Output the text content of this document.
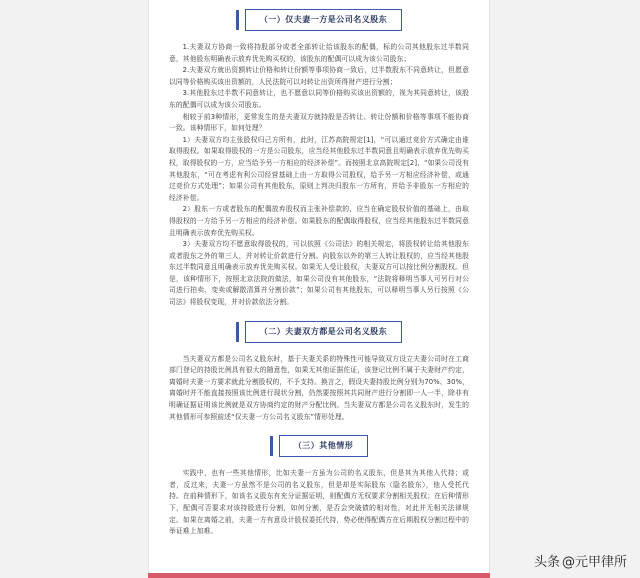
（一）仅夫妻一方是公司名义股东

1.夫妻双方协商一致将持股部分或者全部转让给该股东的配偶，标的公司其他股东过半数同意，其他股东明确表示放弃优先购买权的，该股东的配偶可以成为该公司股东；

2.夫妻双方就出资额转让价格和转让份额等事项协商一致后，过半数股东不同意转让，但愿意以同等价格购买该出资额的，人民法院可以对转让出资所得财产进行分割；

3.其他股东过半数不同意转让，也不愿意以同等价格购买该出资额的，视为其同意转让，该股东的配偶可以成为该公司股东。

相较于前3种情形，更常发生的是夫妻双方就持股是否转让、转让份额和价格等事项不能协商一致。该种情形下，如何处理？

1）夫妻双方均主张股权归己方所有，此时，江苏高院规定[1]，“可以通过竞价方式确定由谁取得股权。如果取得股权的一方是公司股东，应当经其他股东过半数同意且明确表示放弃优先购买权，取得股权的一方，应当给予另一方相应的经济补偿”。而按照北京高院规定[2]，“如果公司没有其他股东，“可在考虑有利公司经营基础上由一方取得公司股权，给予另一方相应经济补偿，或通过竞价方式处理”；如果公司有其他股东，原则上判决归股东一方所有，并给予非股东一方相应的经济补偿。

2）股东一方或者股东的配偶放弃股权而主张补偿款的，应当在确定股权价值的基础上，由取得股权的一方给予另一方相应的经济补偿。如果股东的配偶取得股权，应当经其他股东过半数同意且明确表示放弃优先购买权。

3）夫妻双方均不愿意取得股权的，可以依照《公司法》的相关规定，将股权转让给其他股东或者股东之外的第三人，并对转让价款进行分割。向股东以外的第三人转让股权的，应当经其他股东过半数同意且明确表示放弃优先购买权。如果无人受让股权，夫妻双方可以按比例分割股权。但是，该种情形下，按照北京法院的做法，如果公司没有其他股东，“法院将释明当事人可另行对公司进行拍卖、变卖或解散清算并分割价款”；如果公司有其他股东，可以释明当事人另行按照《公司法》将股权变现，并对价款依法分割。

（二）夫妻双方都是公司名义股东

当夫妻双方都是公司名义股东时，基于夫妻关系的特殊性可能导致双方设立夫妻公司时在工商部门登记的持股比例具有很大的随意性，如果无其他证据佐证，该登记比例不属于夫妻财产约定，离婚时夫妻一方要求就此分割股权的，不予支持。换言之，假设夫妻持股比例分别为70%、30%，离婚时并不能直接按照该比例进行现状分割，仍然要按照其共同财产进行分割即一人一半，除非有明确证据证明该比例就是双方协商约定的财产分配比例。当夫妻双方都是公司名义股东时，发生的其他情形可参照前述“仅夫妻一方公司名义股东”情形处理。

（三）其他情形

实践中，也有一些其他情形，比如夫妻一方虽为公司的名义股东，但是其为其他人代持；或者，反过来，夫妻一方虽然不是公司的名义股东，但是却是实际股东（隐名股东），他人受托代持。在前种情形下，如该名义股东有充分证据证明，则配偶方无权要求分割相关股权；在后种情形下，配偶可否要求对该持股进行分割，如何分割，是否会突破债的相对性，对此并无相关法律规定。如果在离婚之前，夫妻一方有意设计股权委托代持，势必使得配偶方在后期股权分割过程中的举证难上加难。

头条 @元甲律所
